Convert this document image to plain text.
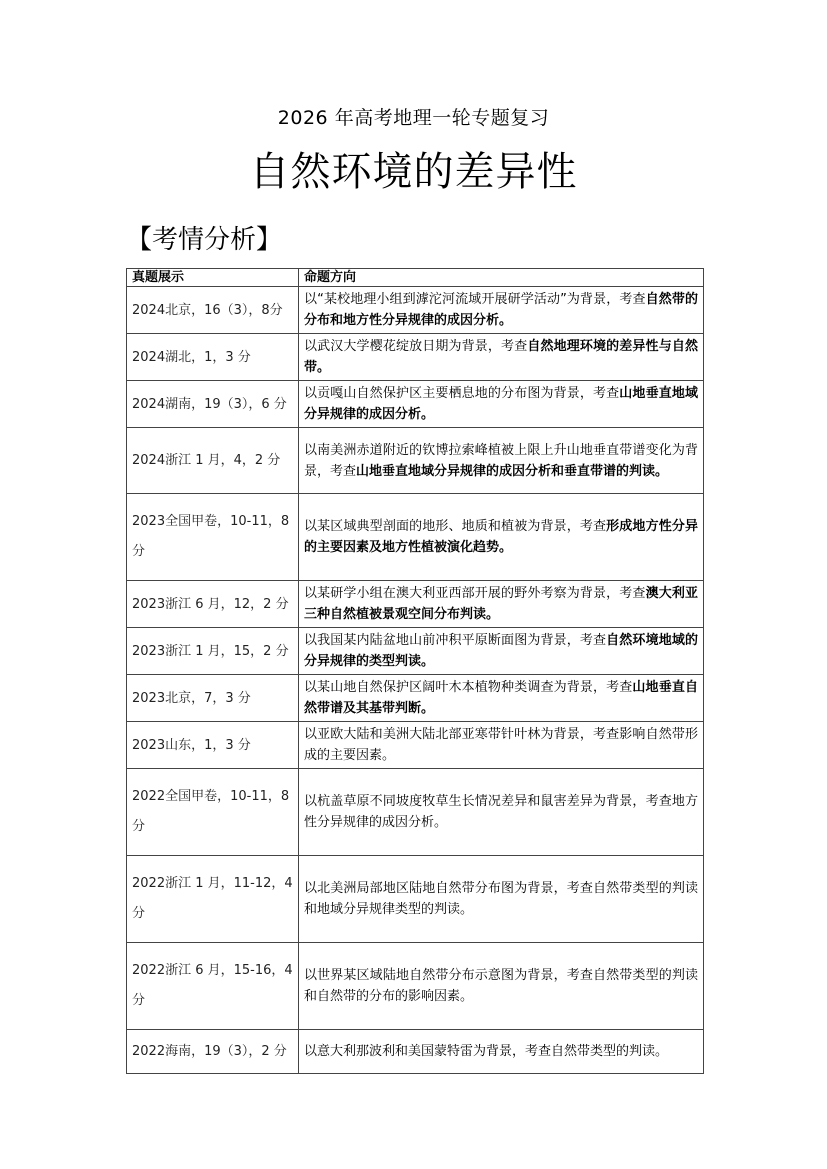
2026 年高考地理一轮专题复习
自然环境的差异性
【考情分析】
真题展示	命题方向
2024北京，16（3），8分	以“某校地理小组到滹沱河流域开展研学活动”为背景，考查自然带的分布和地方性分异规律的成因分析。
2024湖北，1，3 分	以武汉大学樱花绽放日期为背景，考查自然地理环境的差异性与自然带。
2024湖南，19（3），6 分	以贡嘎山自然保护区主要栖息地的分布图为背景，考查山地垂直地域分异规律的成因分析。
2024浙江 1 月，4，2 分	以南美洲赤道附近的钦博拉索峰植被上限上升山地垂直带谱变化为背景，考查山地垂直地域分异规律的成因分析和垂直带谱的判读。
2023全国甲卷，10-11，8分	以某区域典型剖面的地形、地质和植被为背景，考查形成地方性分异的主要因素及地方性植被演化趋势。
2023浙江 6 月，12，2 分	以某研学小组在澳大利亚西部开展的野外考察为背景，考查澳大利亚三种自然植被景观空间分布判读。
2023浙江 1 月，15，2 分	以我国某内陆盆地山前冲积平原断面图为背景，考查自然环境地域的分异规律的类型判读。
2023北京，7，3 分	以某山地自然保护区阔叶木本植物种类调查为背景，考查山地垂直自然带谱及其基带判断。
2023山东，1，3 分	以亚欧大陆和美洲大陆北部亚寒带针叶林为背景，考查影响自然带形成的主要因素。
2022全国甲卷，10-11，8分	以杭盖草原不同坡度牧草生长情况差异和鼠害差异为背景，考查地方性分异规律的成因分析。
2022浙江 1 月，11-12，4分	以北美洲局部地区陆地自然带分布图为背景，考查自然带类型的判读和地域分异规律类型的判读。
2022浙江 6 月，15-16，4分	以世界某区域陆地自然带分布示意图为背景，考查自然带类型的判读和自然带的分布的影响因素。
2022海南，19（3），2 分	以意大利那波利和美国蒙特雷为背景，考查自然带类型的判读。
